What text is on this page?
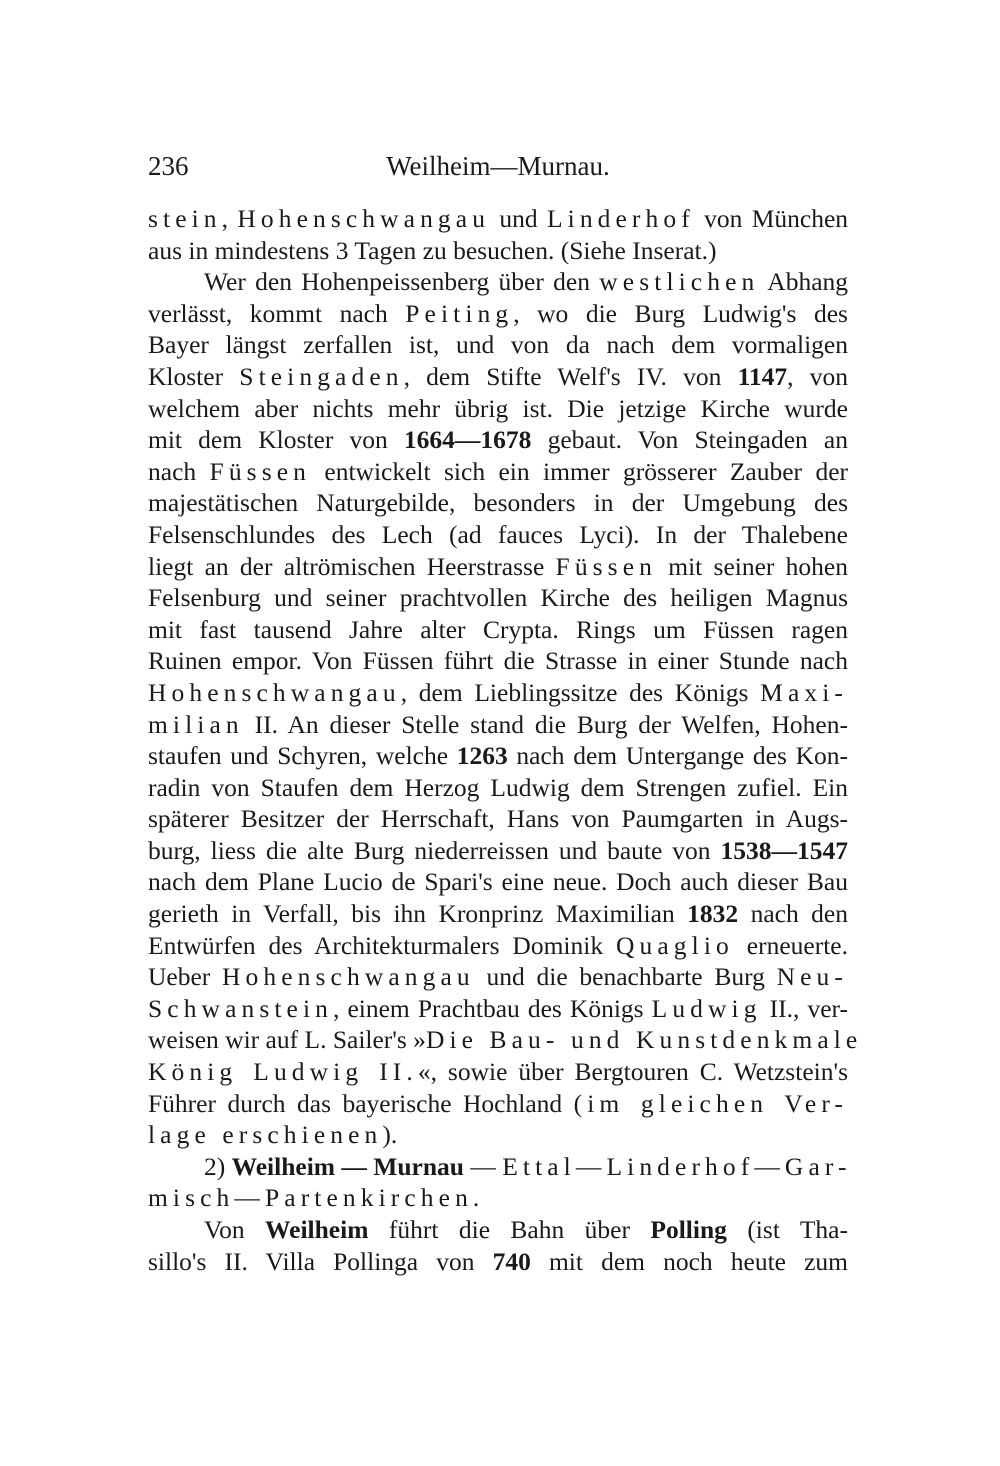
236	Weilheim—Murnau.
stein, Hohenschwangau und Linderhof von München
aus in mindestens 3 Tagen zu besuchen. (Siehe Inserat.)
Wer den Hohenpeissenberg über den westlichen Abhang
verlässt, kommt nach Peiting, wo die Burg Ludwig's des
Bayer längst zerfallen ist, und von da nach dem vormaligen
Kloster Steingaden, dem Stifte Welf's IV. von 1147, von
welchem aber nichts mehr übrig ist. Die jetzige Kirche wurde
mit dem Kloster von 1664—1678 gebaut. Von Steingaden an
nach Füssen entwickelt sich ein immer grösserer Zauber der
majestätischen Naturgebilde, besonders in der Umgebung des
Felsenschlundes des Lech (ad fauces Lyci). In der Thalebene
liegt an der altrömischen Heerstrasse Füssen mit seiner hohen
Felsenburg und seiner prachtvollen Kirche des heiligen Magnus
mit fast tausend Jahre alter Crypta. Rings um Füssen ragen
Ruinen empor. Von Füssen führt die Strasse in einer Stunde nach
Hohenschwangau, dem Lieblingssitze des Königs Maxi-
milian II. An dieser Stelle stand die Burg der Welfen, Hohen-
staufen und Schyren, welche 1263 nach dem Untergange des Kon-
radin von Staufen dem Herzog Ludwig dem Strengen zufiel. Ein
späterer Besitzer der Herrschaft, Hans von Paumgarten in Augs-
burg, liess die alte Burg niederreissen und baute von 1538—1547
nach dem Plane Lucio de Spari's eine neue. Doch auch dieser Bau
gerieth in Verfall, bis ihn Kronprinz Maximilian 1832 nach den
Entwürfen des Architekturmalers Dominik Quaglio erneuerte.
Ueber Hohenschwangau und die benachbarte Burg Neu-
Schwanstein, einem Prachtbau des Königs Ludwig II., ver-
weisen wir auf L. Sailer's »Die Bau- und Kunstdenkmale
König Ludwig II.«, sowie über Bergtouren C. Wetzstein's
Führer durch das bayerische Hochland (im gleichen Ver-
lage erschienen).
2) Weilheim — Murnau — Ettal—Linderhof—Gar-
misch—Partenkirchen.
Von Weilheim führt die Bahn über Polling (ist Tha-
sillo's II. Villa Pollinga von 740 mit dem noch heute zum
